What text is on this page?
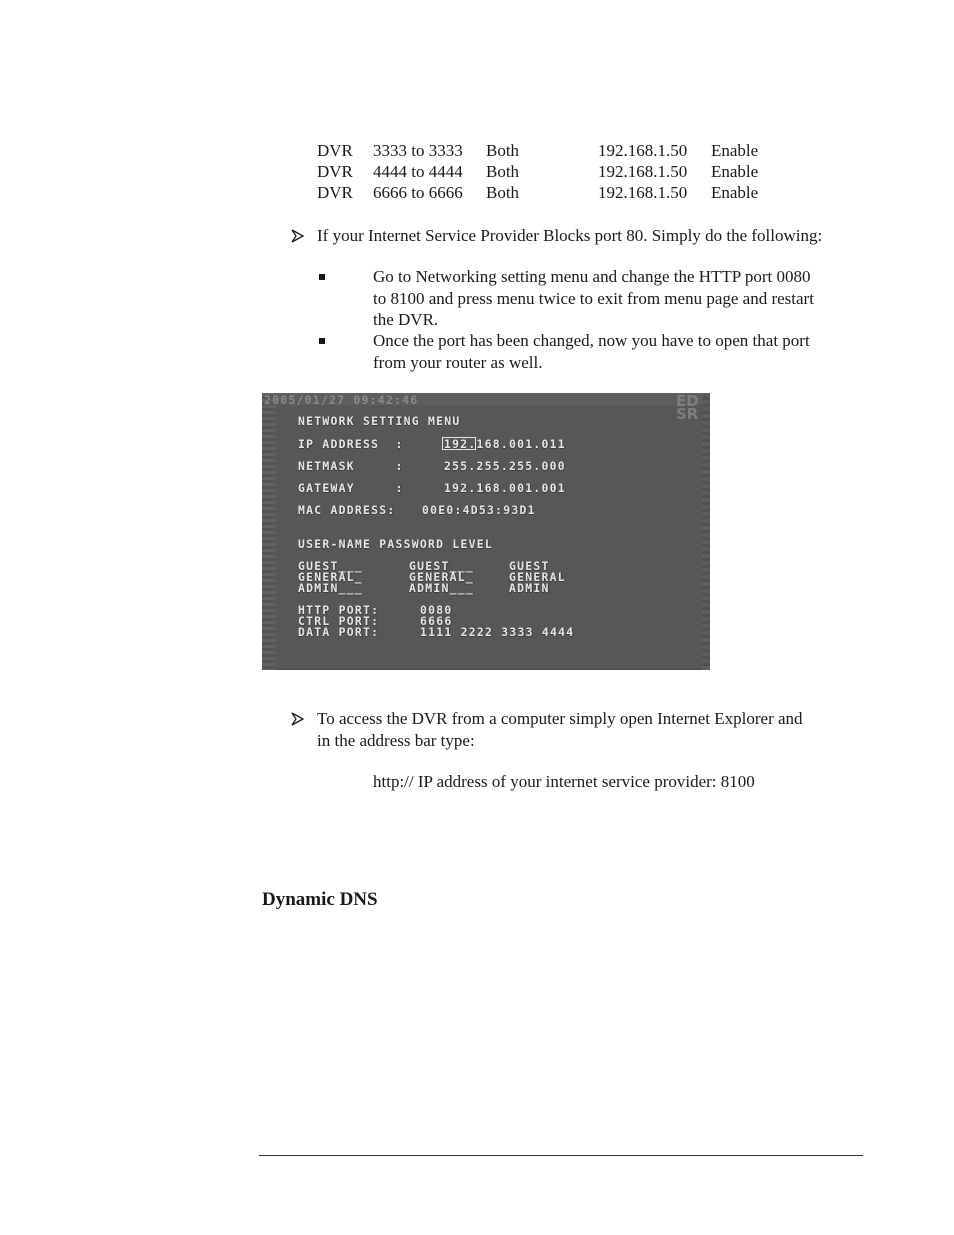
DVR 3333 to 3333 Both	192.168.1.50 Enable
DVR 4444 to 4444 Both	192.168.1.50 Enable
DVR 6666 to 6666 Both	192.168.1.50 Enable
If your Internet Service Provider Blocks port 80. Simply do the following:
Go to Networking setting menu and change the HTTP port 0080
to 8100 and press menu twice to exit from menu page and restart
the DVR.
Once the port has been changed, now you have to open that port
from your router as well.
2005/01/27 09:42:46	ED
SR
NETWORK SETTING MENU
IP ADDRESS  :	192.168.001.011
NETMASK     :	255.255.255.000
GATEWAY     :	192.168.001.001
MAC ADDRESS: 00E0:4D53:93D1
USER-NAME PASSWORD LEVEL
GUEST___	GUEST___	GUEST
GENERAL_	GENERAL_	GENERAL
ADMIN___	ADMIN___	ADMIN
HTTP PORT:	0080
CTRL PORT:	6666
DATA PORT:	1111 2222 3333 4444
To access the DVR from a computer simply open Internet Explorer and
in the address bar type:
http:// IP address of your internet service provider: 8100
Dynamic DNS
